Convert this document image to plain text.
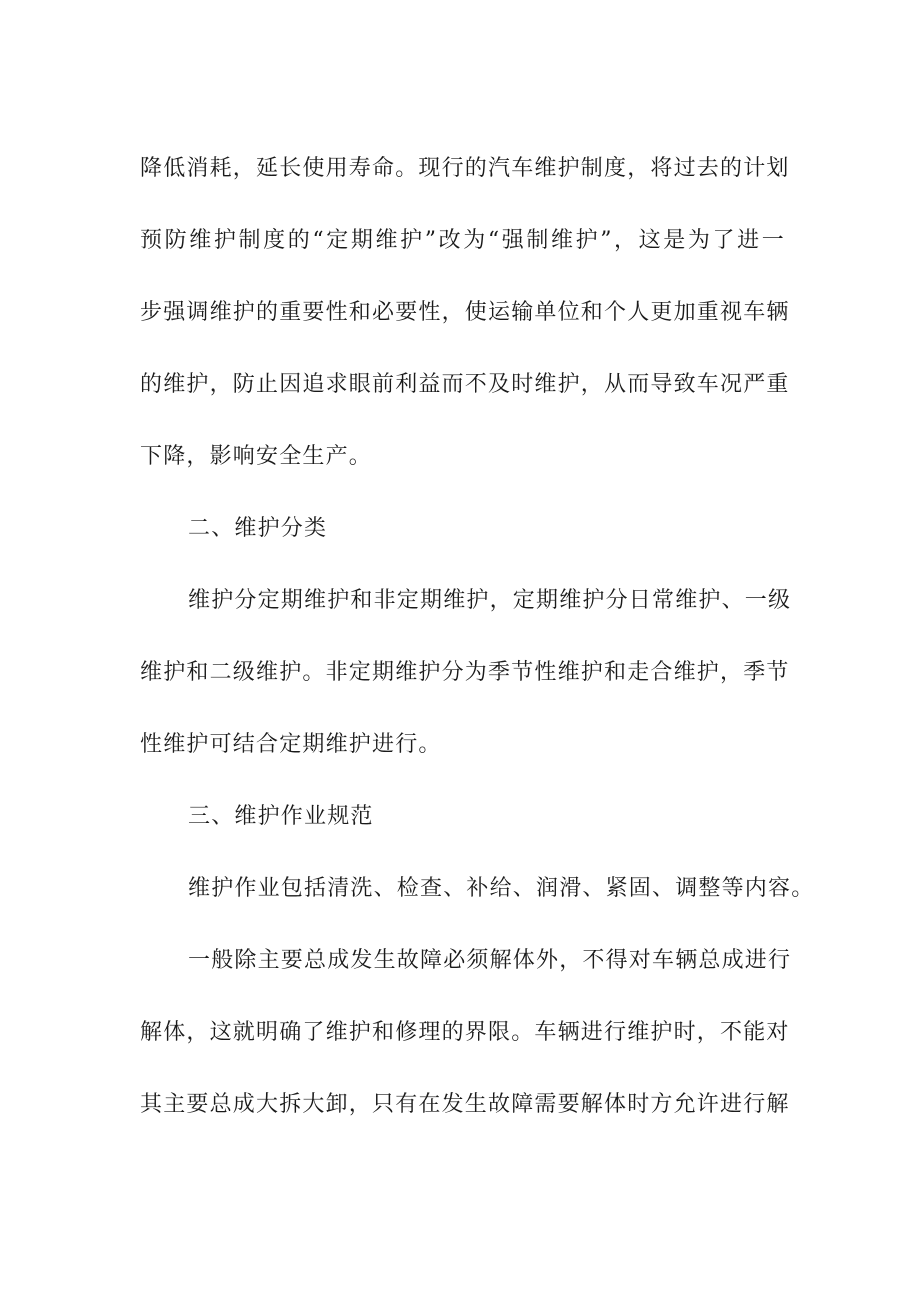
降低消耗，延长使用寿命。现行的汽车维护制度，将过去的计划
预防维护制度的“定期维护”改为“强制维护”，这是为了进一
步强调维护的重要性和必要性，使运输单位和个人更加重视车辆
的维护，防止因追求眼前利益而不及时维护，从而导致车况严重
下降，影响安全生产。
二、维护分类
维护分定期维护和非定期维护，定期维护分日常维护、一级
维护和二级维护。非定期维护分为季节性维护和走合维护，季节
性维护可结合定期维护进行。
三、维护作业规范
维护作业包括清洗、检查、补给、润滑、紧固、调整等内容。
一般除主要总成发生故障必须解体外，不得对车辆总成进行
解体，这就明确了维护和修理的界限。车辆进行维护时，不能对
其主要总成大拆大卸，只有在发生故障需要解体时方允许进行解
